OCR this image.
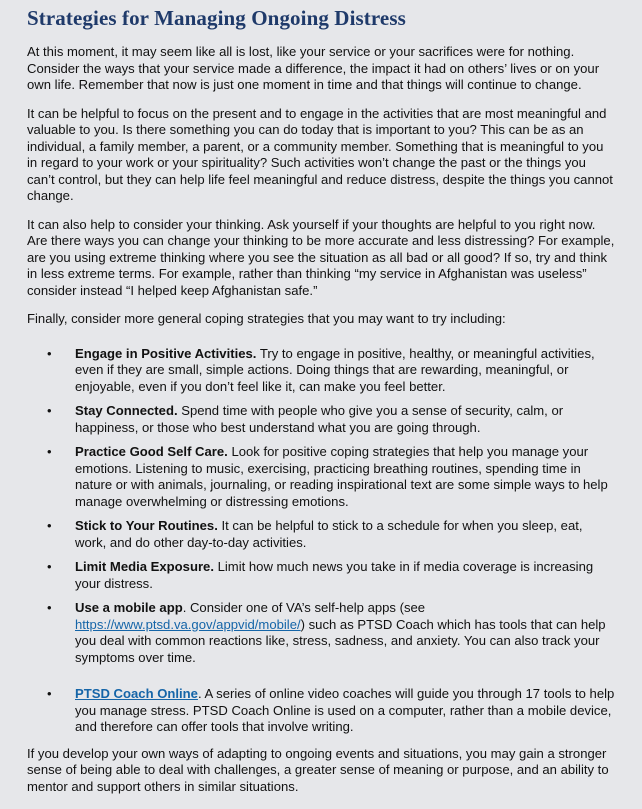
Strategies for Managing Ongoing Distress

At this moment, it may seem like all is lost, like your service or your sacrifices were for nothing. Consider the ways that your service made a difference, the impact it had on others’ lives or on your own life. Remember that now is just one moment in time and that things will continue to change.

It can be helpful to focus on the present and to engage in the activities that are most meaningful and valuable to you. Is there something you can do today that is important to you? This can be as an individual, a family member, a parent, or a community member. Something that is meaningful to you in regard to your work or your spirituality? Such activities won’t change the past or the things you can’t control, but they can help life feel meaningful and reduce distress, despite the things you cannot change.

It can also help to consider your thinking. Ask yourself if your thoughts are helpful to you right now. Are there ways you can change your thinking to be more accurate and less distressing? For example, are you using extreme thinking where you see the situation as all bad or all good? If so, try and think in less extreme terms. For example, rather than thinking “my service in Afghanistan was useless” consider instead “I helped keep Afghanistan safe.”

Finally, consider more general coping strategies that you may want to try including:

• Engage in Positive Activities. Try to engage in positive, healthy, or meaningful activities, even if they are small, simple actions. Doing things that are rewarding, meaningful, or enjoyable, even if you don’t feel like it, can make you feel better.
• Stay Connected. Spend time with people who give you a sense of security, calm, or happiness, or those who best understand what you are going through.
• Practice Good Self Care. Look for positive coping strategies that help you manage your emotions. Listening to music, exercising, practicing breathing routines, spending time in nature or with animals, journaling, or reading inspirational text are some simple ways to help manage overwhelming or distressing emotions.
• Stick to Your Routines. It can be helpful to stick to a schedule for when you sleep, eat, work, and do other day-to-day activities.
• Limit Media Exposure. Limit how much news you take in if media coverage is increasing your distress.
• Use a mobile app. Consider one of VA’s self-help apps (see https://www.ptsd.va.gov/appvid/mobile/) such as PTSD Coach which has tools that can help you deal with common reactions like, stress, sadness, and anxiety. You can also track your symptoms over time.
• PTSD Coach Online. A series of online video coaches will guide you through 17 tools to help you manage stress. PTSD Coach Online is used on a computer, rather than a mobile device, and therefore can offer tools that involve writing.

If you develop your own ways of adapting to ongoing events and situations, you may gain a stronger sense of being able to deal with challenges, a greater sense of meaning or purpose, and an ability to mentor and support others in similar situations.
